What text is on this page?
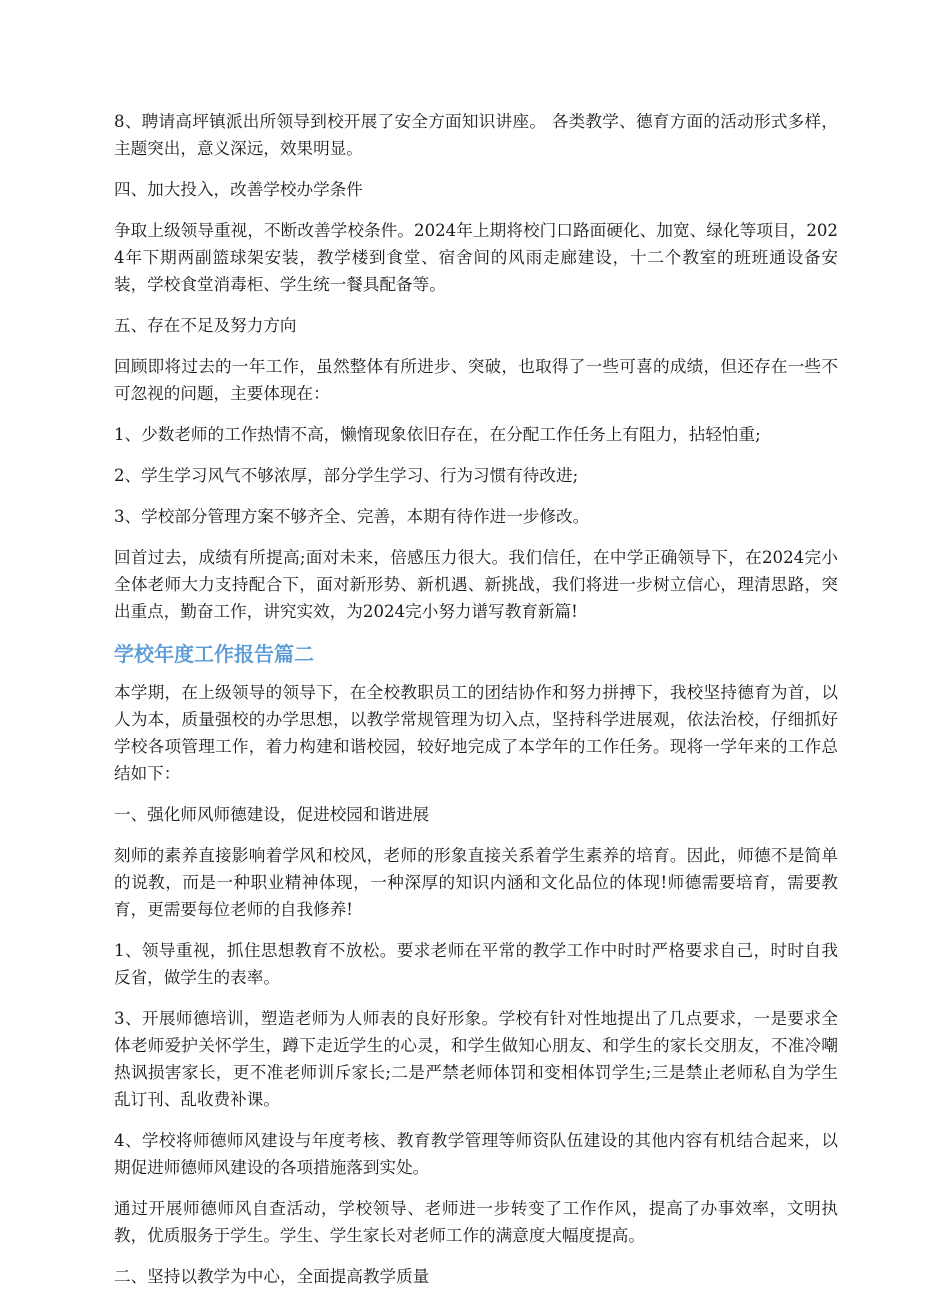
8、聘请高坪镇派出所领导到校开展了安全方面知识讲座。 各类教学、德育方面的活动形式多样，主题突出，意义深远，效果明显。

四、加大投入，改善学校办学条件

争取上级领导重视，不断改善学校条件。2024年上期将校门口路面硬化、加宽、绿化等项目，2024年下期两副篮球架安装，教学楼到食堂、宿舍间的风雨走廊建设，十二个教室的班班通设备安装，学校食堂消毒柜、学生统一餐具配备等。

五、存在不足及努力方向

回顾即将过去的一年工作，虽然整体有所进步、突破，也取得了一些可喜的成绩，但还存在一些不可忽视的问题，主要体现在：

1、少数老师的工作热情不高，懒惰现象依旧存在，在分配工作任务上有阻力，拈轻怕重;

2、学生学习风气不够浓厚，部分学生学习、行为习惯有待改进;

3、学校部分管理方案不够齐全、完善，本期有待作进一步修改。

回首过去，成绩有所提高;面对未来，倍感压力很大。我们信任，在中学正确领导下，在2024完小全体老师大力支持配合下，面对新形势、新机遇、新挑战，我们将进一步树立信心，理清思路，突出重点，勤奋工作，讲究实效，为2024完小努力谱写教育新篇!

学校年度工作报告篇二

本学期，在上级领导的领导下，在全校教职员工的团结协作和努力拼搏下，我校坚持德育为首，以人为本，质量强校的办学思想，以教学常规管理为切入点，坚持科学进展观，依法治校，仔细抓好学校各项管理工作，着力构建和谐校园，较好地完成了本学年的工作任务。现将一学年来的工作总结如下：

一、强化师风师德建设，促进校园和谐进展

刻师的素养直接影响着学风和校风，老师的形象直接关系着学生素养的培育。因此，师德不是简单的说教，而是一种职业精神体现，一种深厚的知识内涵和文化品位的体现!师德需要培育，需要教育，更需要每位老师的自我修养!

1、领导重视，抓住思想教育不放松。要求老师在平常的教学工作中时时严格要求自己，时时自我反省，做学生的表率。

3、开展师德培训，塑造老师为人师表的良好形象。学校有针对性地提出了几点要求，一是要求全体老师爱护关怀学生，蹲下走近学生的心灵，和学生做知心朋友、和学生的家长交朋友，不准冷嘲热讽损害家长，更不准老师训斥家长;二是严禁老师体罚和变相体罚学生;三是禁止老师私自为学生乱订刊、乱收费补课。

4、学校将师德师风建设与年度考核、教育教学管理等师资队伍建设的其他内容有机结合起来，以期促进师德师风建设的各项措施落到实处。

通过开展师德师风自查活动，学校领导、老师进一步转变了工作作风，提高了办事效率，文明执教，优质服务于学生。学生、学生家长对老师工作的满意度大幅度提高。

二、坚持以教学为中心，全面提高教学质量
